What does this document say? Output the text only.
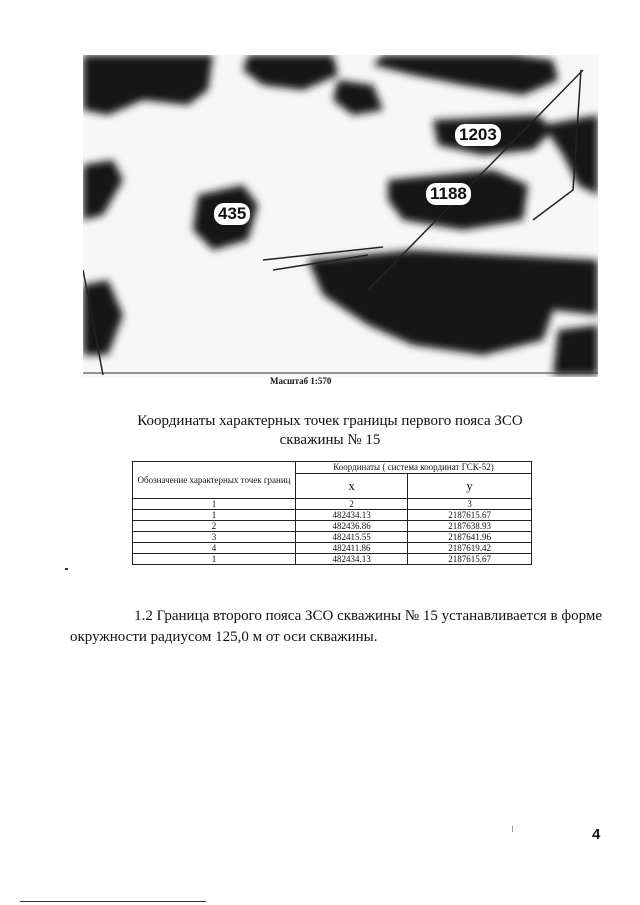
435
1203
1188
Масштаб 1:570
Координаты характерных точек границы первого пояса ЗСО
скважины № 15
Обозначение характерных точек границ	Координаты ( система координат ГСК-52)	
	х	у
1	2	3
1	482434.13	2187615.67
2	482436.86	2187638.93
3	482415.55	2187641.96
4	482411.86	2187619.42
1	482434.13	2187615.67
1.2 Граница второго пояса ЗСО скважины № 15 устанавливается в форме
окружности радиусом 125,0 м от оси скважины.
4
